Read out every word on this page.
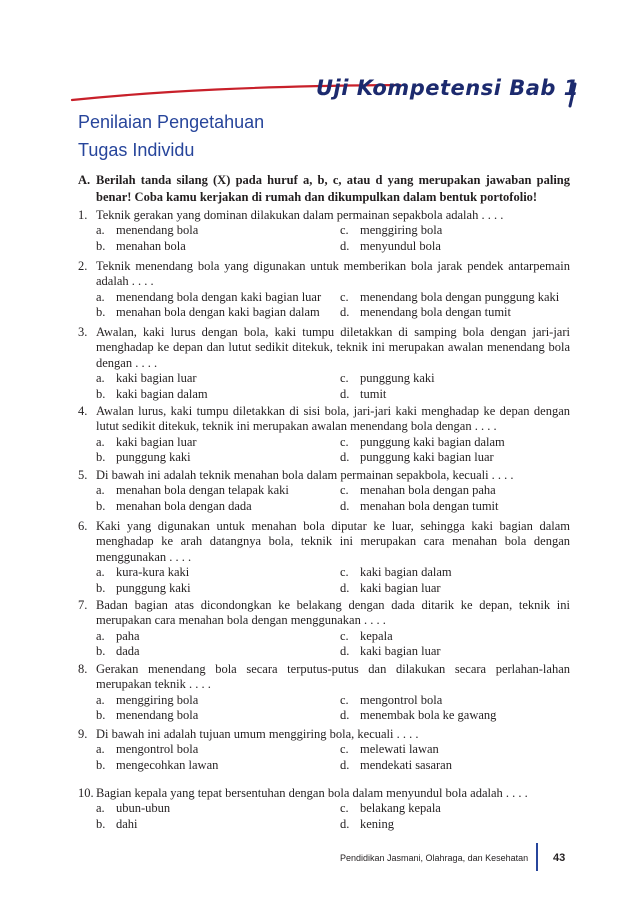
Uji Kompetensi Bab 1
Penilaian Pengetahuan
Tugas Individu
A. Berilah tanda silang (X) pada huruf a, b, c, atau d yang merupakan jawaban paling benar! Coba kamu kerjakan di rumah dan dikumpulkan dalam bentuk portofolio!
1. Teknik gerakan yang dominan dilakukan dalam permainan sepakbola adalah . . . .
a. menendang bola	c. menggiring bola
b. menahan bola	d. menyundul bola
2. Teknik menendang bola yang digunakan untuk memberikan bola jarak pendek antarpemain adalah . . . .
a. menendang bola dengan kaki bagian luar	c. menendang bola dengan punggung kaki
b. menahan bola dengan kaki bagian dalam	d. menendang bola dengan tumit
3. Awalan, kaki lurus dengan bola, kaki tumpu diletakkan di samping bola dengan jari-jari menghadap ke depan dan lutut sedikit ditekuk, teknik ini merupakan awalan menendang bola dengan . . . .
a. kaki bagian luar	c. punggung kaki
b. kaki bagian dalam	d. tumit
4. Awalan lurus, kaki tumpu diletakkan di sisi bola, jari-jari kaki menghadap ke depan dengan lutut sedikit ditekuk, teknik ini merupakan awalan menendang bola dengan . . . .
a. kaki bagian luar	c. punggung kaki bagian dalam
b. punggung kaki	d. punggung kaki bagian luar
5. Di bawah ini adalah teknik menahan bola dalam permainan sepakbola, kecuali . . . .
a. menahan bola dengan telapak kaki	c. menahan bola dengan paha
b. menahan bola dengan dada	d. menahan bola dengan tumit
6. Kaki yang digunakan untuk menahan bola diputar ke luar, sehingga kaki bagian dalam menghadap ke arah datangnya bola, teknik ini merupakan cara menahan bola dengan menggunakan . . . .
a. kura-kura kaki	c. kaki bagian dalam
b. punggung kaki	d. kaki bagian luar
7. Badan bagian atas dicondongkan ke belakang dengan dada ditarik ke depan, teknik ini merupakan cara menahan bola dengan menggunakan . . . .
a. paha	c. kepala
b. dada	d. kaki bagian luar
8. Gerakan menendang bola secara terputus-putus dan dilakukan secara perlahan-lahan merupakan teknik . . . .
a. menggiring bola	c. mengontrol bola
b. menendang bola	d. menembak bola ke gawang
9. Di bawah ini adalah tujuan umum menggiring bola, kecuali . . . .
a. mengontrol bola	c. melewati lawan
b. mengecohkan lawan	d. mendekati sasaran
10. Bagian kepala yang tepat bersentuhan dengan bola dalam menyundul bola adalah . . . .
a. ubun-ubun	c. belakang kepala
b. dahi	d. kening
Pendidikan Jasmani, Olahraga, dan Kesehatan 43
